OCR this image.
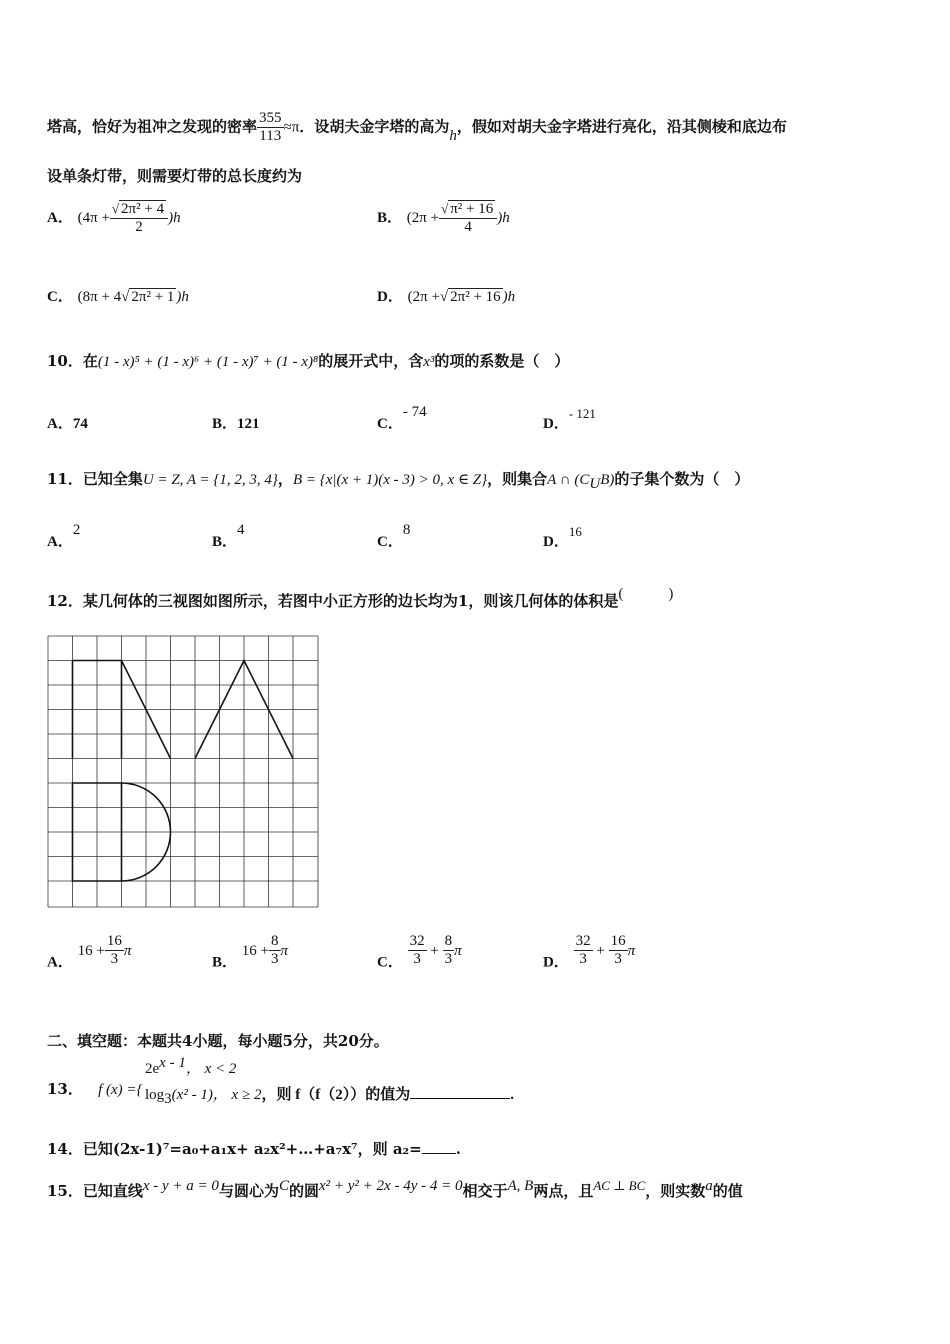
塔高，恰好为祖冲之发现的密率 $\frac{355}{113} \approx\pi$．设胡夫金字塔的高为h，假如对胡夫金字塔进行亮化，沿其侧棱和底边布
设单条灯带，则需要灯带的总长度约为
A． $(4\pi + \frac{\text{√ 2π² + 4}}{2} )h$	B． $(2\pi + \frac{\text{√ π² + 16}}{4} )h$
C． (8π + 4√ 2π² + 1 )h	D． (2π +√ 2π² + 16 )h
10．在(1 - x)⁵ + (1 - x)⁶ + (1 - x)⁷ + (1 - x)⁸的展开式中，含x³的项的系数是（　）
A．74	B．121	C．- 74
D．- 121
11．已知全集U = Z, A = {1, 2, 3, 4}，B = {x|(x + 1)(x - 3) > 0, x ∈ Z}，则集合A ∩ $(C_UB)$的子集个数为（　）
A．2
B．4
C．8
D．16
12．某几何体的三视图如图所示，若图中小正方形的边长均为1，则该几何体的体积是(　　　)
A． $16 + \frac{16}{3}$ π
B． $16 + \frac{8}{3}$ π
C． $\frac{32}{3} + \frac{8}{3}$ π
D． $\frac{32}{3} + \frac{16}{3}$ π
二、填空题：本题共4小题，每小题5分，共20分。
13． f (x) ={
$2e^{x - 1}$， x < 2
$\log_3(x^2 - 1)$， x ≥ 2，则 f（f（2））的值为	.
14．已知(2x-1)⁷=a₀+a₁x+ a₂x²+…+a₇x⁷，则 a₂= .
15．已知直线x - y + a = 0与圆心为C的圆x² + y² + 2x - 4y - 4 = 0相交于A, B两点，且AC ⊥ BC，则实数a的值
